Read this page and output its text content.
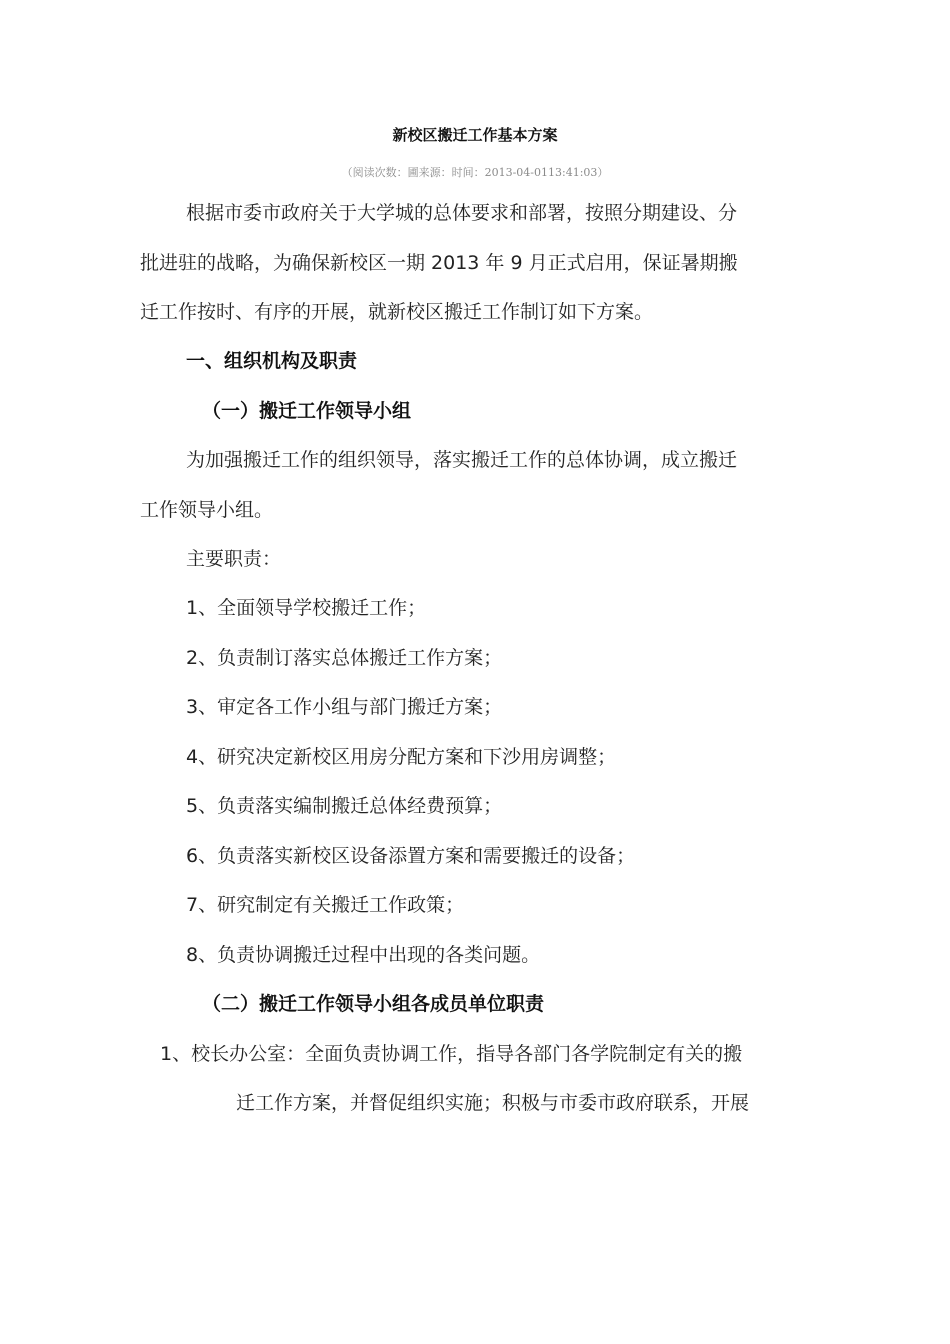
新校区搬迁工作基本方案
（阅读次数：圃来源：时间：2013-04-0113:41:03）
根据市委市政府关于大学城的总体要求和部署，按照分期建设、分
批进驻的战略，为确保新校区一期 2013 年 9 月正式启用，保证暑期搬
迁工作按时、有序的开展，就新校区搬迁工作制订如下方案。
一、组织机构及职责
（一）搬迁工作领导小组
为加强搬迁工作的组织领导，落实搬迁工作的总体协调，成立搬迁
工作领导小组。
主要职责：
1、全面领导学校搬迁工作；
2、负责制订落实总体搬迁工作方案；
3、审定各工作小组与部门搬迁方案；
4、研究决定新校区用房分配方案和下沙用房调整；
5、负责落实编制搬迁总体经费预算；
6、负责落实新校区设备添置方案和需要搬迁的设备；
7、研究制定有关搬迁工作政策；
8、负责协调搬迁过程中出现的各类问题。
（二）搬迁工作领导小组各成员单位职责
1、校长办公室：全面负责协调工作，指导各部门各学院制定有关的搬
迁工作方案，并督促组织实施；积极与市委市政府联系，开展
